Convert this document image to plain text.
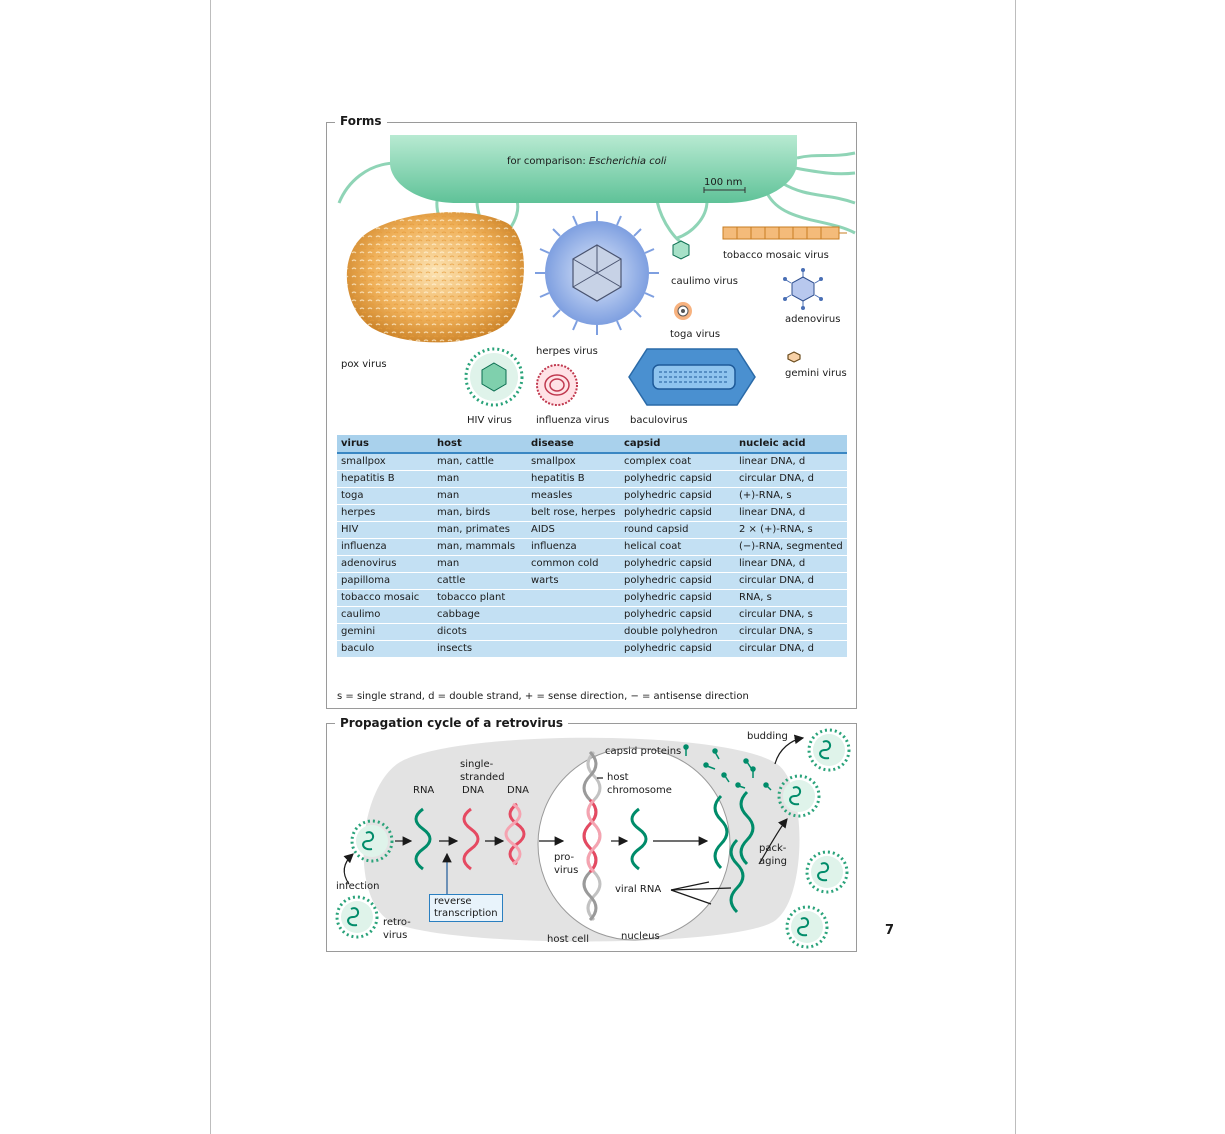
for comparison: Escherichia coli
100 nm
tobacco mosaic virus
caulimo virus
adenovirus
toga virus
herpes virus
pox virus
gemini virus
HIV virus influenza virus baculovirus
virus	host	disease	capsid	nucleic acid
smallpox	man, cattle	smallpox	complex coat	linear DNA, d
hepatitis B	man	hepatitis B	polyhedric capsid	circular DNA, d
toga	man	measles	polyhedric capsid	(+)-RNA, s
herpes	man, birds	belt rose, herpes	polyhedric capsid	linear DNA, d
HIV	man, primates	AIDS	round capsid	2 × (+)-RNA, s
influenza	man, mammals	influenza	helical coat	(−)-RNA, segmented
adenovirus	man	common cold	polyhedric capsid	linear DNA, d
papilloma	cattle	warts	polyhedric capsid	circular DNA, d
tobacco mosaic	tobacco plant		polyhedric capsid	RNA, s
caulimo	cabbage		polyhedric capsid	circular DNA, s
gemini	dicots		double polyhedron	circular DNA, s
baculo	insects		polyhedric capsid	circular DNA, d
s = single strand, d = double strand, + = sense direction, − = antisense direction
Forms
capsid proteins
budding
single-
stranded
DNA
RNA	DNA
host
chromosome
pro-
virus
viral RNA
pack-
aging
infection
retro-
virus
reverse
transcription
host cell	nucleus
Propagation cycle of a retrovirus
7
